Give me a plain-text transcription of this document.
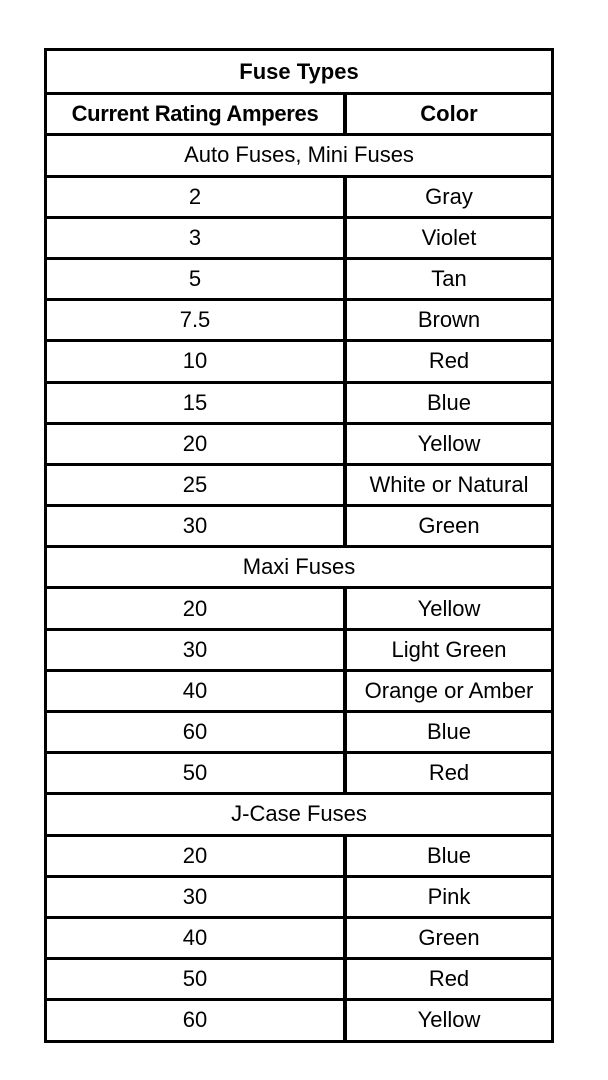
Fuse Types
Current Rating Amperes	Color
Auto Fuses, Mini Fuses
2	Gray
3	Violet
5	Tan
7.5	Brown
10	Red
15	Blue
20	Yellow
25	White or Natural
30	Green
Maxi Fuses
20	Yellow
30	Light Green
40	Orange or Amber
60	Blue
50	Red
J-Case Fuses
20	Blue
30	Pink
40	Green
50	Red
60	Yellow
